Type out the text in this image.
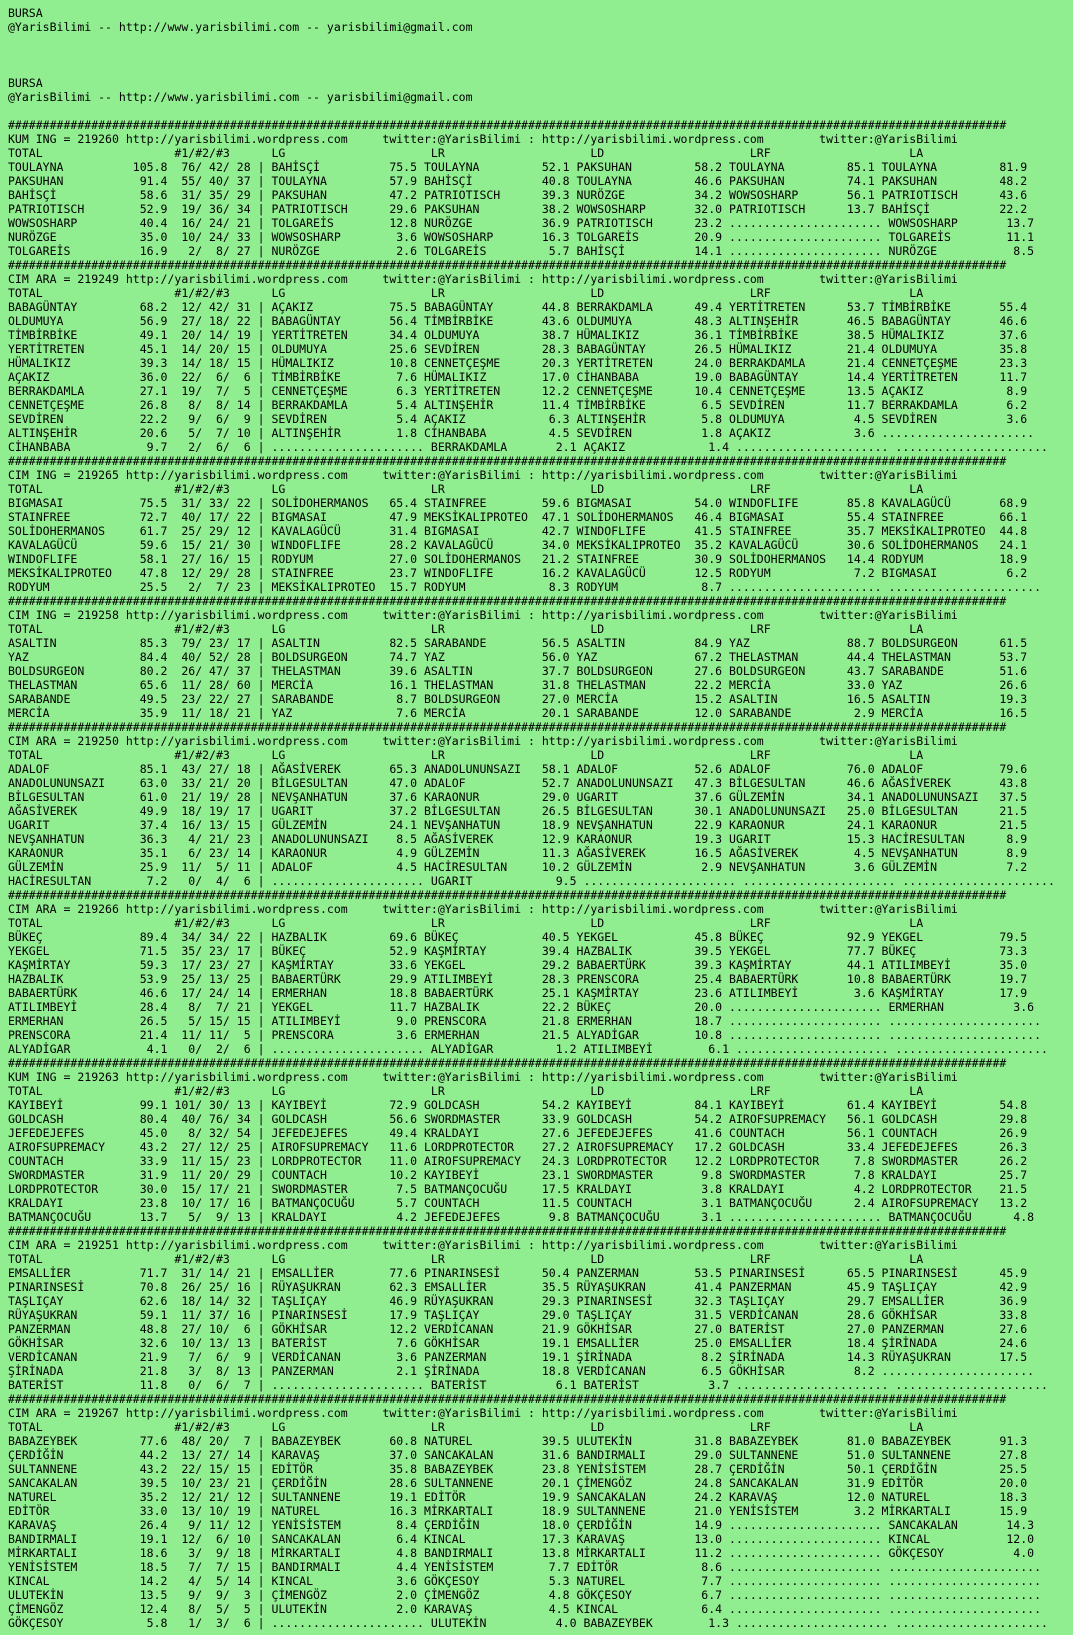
BURSA
@YarisBilimi -- http://www.yarisbilimi.com -- yarisbilimi@gmail.com
BURSA
@YarisBilimi -- http://www.yarisbilimi.com -- yarisbilimi@gmail.com
################################################################################################################################################
KUM ING = 219260 http://yarisbilimi.wordpress.com     twitter:@YarisBilimi : http://yarisbilimi.wordpress.com        twitter:@YarisBilimi
TOTAL                   #1/#2/#3      LG                     LR                     LD                     LRF                    LA
TOULAYNA          105.8  76/ 42/ 28 | BAHİSÇİ          75.5 TOULAYNA         52.1 PAKSUHAN         58.2 TOULAYNA         85.1 TOULAYNA         81.9
PAKSUHAN           91.4  55/ 40/ 37 | TOULAYNA         57.9 BAHİSÇİ          40.8 TOULAYNA         46.6 PAKSUHAN         74.1 PAKSUHAN         48.2
BAHİSÇİ            58.6  31/ 35/ 29 | PAKSUHAN         47.2 PATRIOTISCH      39.3 NURÖZGE          34.2 WOWSOSHARP       56.1 PATRIOTISCH      43.6
PATRIOTISCH        52.9  19/ 36/ 34 | PATRIOTISCH      29.6 PAKSUHAN         38.2 WOWSOSHARP       32.0 PATRIOTISCH      13.7 BAHİSÇİ          22.2
WOWSOSHARP         40.4  16/ 24/ 21 | TOLGAREİS        12.8 NURÖZGE          36.9 PATRIOTISCH      23.2 ...................... WOWSOSHARP       13.7
NURÖZGE            35.0  10/ 24/ 33 | WOWSOSHARP        3.6 WOWSOSHARP       16.3 TOLGAREİS        20.9 ...................... TOLGAREİS        11.1
TOLGAREİS          16.9   2/  8/ 27 | NURÖZGE           2.6 TOLGAREİS         5.7 BAHİSÇİ          14.1 ...................... NURÖZGE           8.5
################################################################################################################################################
CIM ARA = 219249 http://yarisbilimi.wordpress.com     twitter:@YarisBilimi : http://yarisbilimi.wordpress.com        twitter:@YarisBilimi
TOTAL                   #1/#2/#3      LG                     LR                     LD                     LRF                    LA
BABAGÜNTAY         68.2  12/ 42/ 31 | AÇAKIZ           75.5 BABAGÜNTAY       44.8 BERRAKDAMLA      49.4 YERTİTRETEN      53.7 TİMBİRBİKE       55.4
OLDUMUYA           56.9  27/ 18/ 22 | BABAGÜNTAY       56.4 TİMBİRBİKE       43.6 OLDUMUYA         48.3 ALTINŞEHİR       46.5 BABAGÜNTAY       46.6
TİMBİRBİKE         49.1  20/ 14/ 19 | YERTİTRETEN      34.4 OLDUMUYA         38.7 HÜMALIKIZ        36.1 TİMBİRBİKE       38.5 HÜMALIKIZ        37.6
YERTİTRETEN        45.1  14/ 20/ 15 | OLDUMUYA         25.6 SEVDİREN         28.3 BABAGÜNTAY       26.5 HÜMALIKIZ        21.4 OLDUMUYA         35.8
HÜMALIKIZ          39.3  14/ 18/ 15 | HÜMALIKIZ        10.8 CENNETÇEŞME      20.3 YERTİTRETEN      24.0 BERRAKDAMLA      21.4 CENNETÇEŞME      23.3
AÇAKIZ             36.0  22/  6/  6 | TİMBİRBİKE        7.6 HÜMALIKIZ        17.0 CİHANBABA        19.0 BABAGÜNTAY       14.4 YERTİTRETEN      11.7
BERRAKDAMLA        27.1  19/  7/  5 | CENNETÇEŞME       6.3 YERTİTRETEN      12.2 CENNETÇEŞME      10.4 CENNETÇEŞME      13.5 AÇAKIZ            8.9
CENNETÇEŞME        26.8   8/  8/ 14 | BERRAKDAMLA       5.4 ALTINŞEHİR       11.4 TİMBİRBİKE        6.5 SEVDİREN         11.7 BERRAKDAMLA       6.2
SEVDİREN           22.2   9/  6/  9 | SEVDİREN          5.4 AÇAKIZ            6.3 ALTINŞEHİR        5.8 OLDUMUYA          4.5 SEVDİREN          3.6
ALTINŞEHİR         20.6   5/  7/ 10 | ALTINŞEHİR        1.8 CİHANBABA         4.5 SEVDİREN          1.8 AÇAKIZ            3.6 ......................
CİHANBABA           9.7   2/  6/  6 | ...................... BERRAKDAMLA       2.1 AÇAKIZ            1.4 ...................... ......................
################################################################################################################################################
CIM ING = 219265 http://yarisbilimi.wordpress.com     twitter:@YarisBilimi : http://yarisbilimi.wordpress.com        twitter:@YarisBilimi
TOTAL                   #1/#2/#3      LG                     LR                     LD                     LRF                    LA
BIGMASAI           75.5  31/ 33/ 22 | SOLİDOHERMANOS   65.4 STAINFREE        59.6 BIGMASAI         54.0 WINDOFLIFE       85.8 KAVALAGÜCÜ       68.9
STAINFREE          72.7  40/ 17/ 22 | BIGMASAI         47.9 MEKSİKALIPROTEO  47.1 SOLİDOHERMANOS   46.4 BIGMASAI         55.4 STAINFREE        66.1
SOLİDOHERMANOS     61.7  25/ 29/ 12 | KAVALAGÜCÜ       31.4 BIGMASAI         42.7 WINDOFLIFE       41.5 STAINFREE        35.7 MEKSİKALIPROTEO  44.8
KAVALAGÜCÜ         59.6  15/ 21/ 30 | WINDOFLIFE       28.2 KAVALAGÜCÜ       34.0 MEKSİKALIPROTEO  35.2 KAVALAGÜCÜ       30.6 SOLİDOHERMANOS   24.1
WINDOFLIFE         58.1  27/ 16/ 15 | RODYUM           27.0 SOLİDOHERMANOS   21.2 STAINFREE        30.9 SOLİDOHERMANOS   14.4 RODYUM           18.9
MEKSİKALIPROTEO    47.8  12/ 29/ 28 | STAINFREE        23.7 WINDOFLIFE       16.2 KAVALAGÜCÜ       12.5 RODYUM            7.2 BIGMASAI          6.2
RODYUM             25.5   2/  7/ 23 | MEKSİKALIPROTEO  15.7 RODYUM            8.3 RODYUM            8.7 ...................... ......................
################################################################################################################################################
CIM ING = 219258 http://yarisbilimi.wordpress.com     twitter:@YarisBilimi : http://yarisbilimi.wordpress.com        twitter:@YarisBilimi
TOTAL                   #1/#2/#3      LG                     LR                     LD                     LRF                    LA
ASALTIN            85.3  79/ 23/ 17 | ASALTIN          82.5 SARABANDE        56.5 ASALTIN          84.9 YAZ              88.7 BOLDSURGEON      61.5
YAZ                84.4  40/ 52/ 28 | BOLDSURGEON      74.7 YAZ              56.0 YAZ              67.2 THELASTMAN       44.4 THELASTMAN       53.7
BOLDSURGEON        80.2  26/ 47/ 37 | THELASTMAN       39.6 ASALTIN          37.7 BOLDSURGEON      27.6 BOLDSURGEON      43.7 SARABANDE        51.6
THELASTMAN         65.6  11/ 28/ 60 | MERCİA           16.1 THELASTMAN       31.8 THELASTMAN       22.2 MERCİA           33.0 YAZ              26.6
SARABANDE          49.5  23/ 22/ 27 | SARABANDE         8.7 BOLDSURGEON      27.0 MERCİA           15.2 ASALTIN          16.5 ASALTIN          19.3
MERCİA             35.9  11/ 18/ 21 | YAZ               7.6 MERCİA           20.1 SARABANDE        12.0 SARABANDE         2.9 MERCİA           16.5
################################################################################################################################################
CIM ARA = 219250 http://yarisbilimi.wordpress.com     twitter:@YarisBilimi : http://yarisbilimi.wordpress.com        twitter:@YarisBilimi
TOTAL                   #1/#2/#3      LG                     LR                     LD                     LRF                    LA
ADALOF             85.1  43/ 27/ 18 | AĞASİVEREK       65.3 ANADOLUNUNSAZI   58.1 ADALOF           52.6 ADALOF           76.0 ADALOF           79.6
ANADOLUNUNSAZI     63.0  33/ 21/ 20 | BİLGESULTAN      47.0 ADALOF           52.7 ANADOLUNUNSAZI   47.3 BİLGESULTAN      46.6 AĞASİVEREK       43.8
BİLGESULTAN        61.0  21/ 19/ 28 | NEVŞANHATUN      37.6 KARAONUR         29.0 UGARIT           37.6 GÜLZEMİN         34.1 ANADOLUNUNSAZI   37.5
AĞASİVEREK         49.9  18/ 19/ 17 | UGARIT           37.2 BİLGESULTAN      26.5 BİLGESULTAN      30.1 ANADOLUNUNSAZI   25.0 BİLGESULTAN      21.5
UGARIT             37.4  16/ 13/ 15 | GÜLZEMİN         24.1 NEVŞANHATUN      18.9 NEVŞANHATUN      22.9 KARAONUR         24.1 KARAONUR         21.5
NEVŞANHATUN        36.3   4/ 21/ 23 | ANADOLUNUNSAZI    8.5 AĞASİVEREK       12.9 KARAONUR         19.3 UGARIT           15.3 HACİRESULTAN      8.9
KARAONUR           35.1   6/ 23/ 14 | KARAONUR          4.9 GÜLZEMİN         11.3 AĞASİVEREK       16.5 AĞASİVEREK        4.5 NEVŞANHATUN       8.9
GÜLZEMİN           25.9  11/  5/ 11 | ADALOF            4.5 HACİRESULTAN     10.2 GÜLZEMİN          2.9 NEVŞANHATUN       3.6 GÜLZEMİN          7.2
HACİRESULTAN        7.2   0/  4/  6 | ...................... UGARIT            9.5 ...................... ...................... ......................
################################################################################################################################################
CIM ARA = 219266 http://yarisbilimi.wordpress.com     twitter:@YarisBilimi : http://yarisbilimi.wordpress.com        twitter:@YarisBilimi
TOTAL                   #1/#2/#3      LG                     LR                     LD                     LRF                    LA
BÜKEÇ              89.4  34/ 34/ 22 | HAZBALIK         69.6 BÜKEÇ            40.5 YEKGEL           45.8 BÜKEÇ            92.9 YEKGEL           79.5
YEKGEL             71.5  35/ 23/ 17 | BÜKEÇ            52.9 KAŞMİRTAY        39.4 HAZBALIK         39.5 YEKGEL           77.7 BÜKEÇ            73.3
KAŞMİRTAY          59.3  17/ 23/ 27 | KAŞMİRTAY        33.6 YEKGEL           29.2 BABAERTÜRK       39.3 KAŞMİRTAY        44.1 ATILIMBEYİ       35.0
HAZBALIK           53.9  25/ 13/ 25 | BABAERTÜRK       29.9 ATILIMBEYİ       28.3 PRENSCORA        25.4 BABAERTÜRK       10.8 BABAERTÜRK       19.7
BABAERTÜRK         46.6  17/ 24/ 14 | ERMERHAN         18.8 BABAERTÜRK       25.1 KAŞMİRTAY        23.6 ATILIMBEYİ        3.6 KAŞMİRTAY        17.9
ATILIMBEYİ         28.4   8/  7/ 21 | YEKGEL           11.7 HAZBALIK         22.2 BÜKEÇ            20.0 ...................... ERMERHAN          3.6
ERMERHAN           26.5   5/ 15/ 15 | ATILIMBEYİ        9.0 PRENSCORA        21.8 ERMERHAN         18.7 ...................... ......................
PRENSCORA          21.4  11/ 11/  5 | PRENSCORA         3.6 ERMERHAN         21.5 ALYADİGAR        10.8 ...................... ......................
ALYADİGAR           4.1   0/  2/  6 | ...................... ALYADİGAR         1.2 ATILIMBEYİ        6.1 ...................... ......................
################################################################################################################################################
KUM ING = 219263 http://yarisbilimi.wordpress.com     twitter:@YarisBilimi : http://yarisbilimi.wordpress.com        twitter:@YarisBilimi
TOTAL                   #1/#2/#3      LG                     LR                     LD                     LRF                    LA
KAYIBEYİ           99.1 101/ 30/ 13 | KAYIBEYİ         72.9 GOLDCASH         54.2 KAYIBEYİ         84.1 KAYIBEYİ         61.4 KAYIBEYİ         54.8
GOLDCASH           80.4  40/ 76/ 34 | GOLDCASH         56.6 SWORDMASTER      33.9 GOLDCASH         54.2 AIROFSUPREMACY   56.1 GOLDCASH         29.8
JEFEDEJEFES        45.0   8/ 32/ 54 | JEFEDEJEFES      49.4 KRALDAYI         27.6 JEFEDEJEFES      41.6 COUNTACH         56.1 COUNTACH         26.9
AIROFSUPREMACY     43.2  27/ 12/ 25 | AIROFSUPREMACY   11.6 LORDPROTECTOR    27.2 AIROFSUPREMACY   17.2 GOLDCASH         33.4 JEFEDEJEFES      26.3
COUNTACH           33.9  11/ 15/ 23 | LORDPROTECTOR    11.0 AIROFSUPREMACY   24.3 LORDPROTECTOR    12.2 LORDPROTECTOR     7.8 SWORDMASTER      26.2
SWORDMASTER        31.9  11/ 20/ 29 | COUNTACH         10.2 KAYIBEYİ         23.1 SWORDMASTER       9.8 SWORDMASTER       7.8 KRALDAYI         25.7
LORDPROTECTOR      30.0  15/ 17/ 21 | SWORDMASTER       7.5 BATMANÇOCUĞU     17.5 KRALDAYI          3.8 KRALDAYI          4.2 LORDPROTECTOR    21.5
KRALDAYI           23.8  10/ 17/ 16 | BATMANÇOCUĞU      5.7 COUNTACH         11.5 COUNTACH          3.1 BATMANÇOCUĞU      2.4 AIROFSUPREMACY   13.2
BATMANÇOCUĞU       13.7   5/  9/ 13 | KRALDAYI          4.2 JEFEDEJEFES       9.8 BATMANÇOCUĞU      3.1 ...................... BATMANÇOCUĞU      4.8
################################################################################################################################################
CIM ARA = 219251 http://yarisbilimi.wordpress.com     twitter:@YarisBilimi : http://yarisbilimi.wordpress.com        twitter:@YarisBilimi
TOTAL                   #1/#2/#3      LG                     LR                     LD                     LRF                    LA
EMSALLİER          71.7  31/ 14/ 21 | EMSALLİER        77.6 PINARINSESİ      50.4 PANZERMAN        53.5 PINARINSESİ      65.5 PINARINSESİ      45.9
PINARINSESİ        70.8  26/ 25/ 16 | RÜYAŞUKRAN       62.3 EMSALLİER        35.5 RÜYAŞUKRAN       41.4 PANZERMAN        45.9 TAŞLIÇAY         42.9
TAŞLIÇAY           62.6  18/ 14/ 32 | TAŞLIÇAY         46.9 RÜYAŞUKRAN       29.3 PINARINSESİ      32.3 TAŞLIÇAY         29.7 EMSALLİER        36.9
RÜYAŞUKRAN         59.1  11/ 37/ 16 | PINARINSESİ      17.9 TAŞLIÇAY         29.0 TAŞLIÇAY         31.5 VERDİCANAN       28.6 GÖKHİSAR         33.8
PANZERMAN          48.8  27/ 10/  6 | GÖKHİSAR         12.2 VERDİCANAN       21.9 GÖKHİSAR         27.0 BATERİST         27.0 PANZERMAN        27.6
GÖKHİSAR           32.6  10/ 13/ 13 | BATERİST          7.6 GÖKHİSAR         19.1 EMSALLİER        25.0 EMSALLİER        18.4 ŞİRİNADA         24.6
VERDİCANAN         21.9   7/  6/  9 | VERDİCANAN        3.6 PANZERMAN        19.1 ŞİRİNADA          8.2 ŞİRİNADA         14.3 RÜYAŞUKRAN       17.5
ŞİRİNADA           21.8   3/  8/ 13 | PANZERMAN         2.1 ŞİRİNADA         18.8 VERDİCANAN        6.5 GÖKHİSAR          8.2 ......................
BATERİST           11.8   0/  6/  7 | ...................... BATERİST          6.1 BATERİST          3.7 ...................... ......................
################################################################################################################################################
CIM ARA = 219267 http://yarisbilimi.wordpress.com     twitter:@YarisBilimi : http://yarisbilimi.wordpress.com        twitter:@YarisBilimi
TOTAL                   #1/#2/#3      LG                     LR                     LD                     LRF                    LA
BABAZEYBEK         77.6  48/ 20/  7 | BABAZEYBEK       60.8 NATUREL          39.5 ULUTEKİN         31.8 BABAZEYBEK       81.0 BABAZEYBEK       91.3
ÇERDİĞİN           44.2  13/ 27/ 14 | KARAVAŞ          37.0 SANCAKALAN       31.6 BANDIRMALI       29.0 SULTANNENE       51.0 SULTANNENE       27.8
SULTANNENE         43.2  22/ 15/ 15 | EDİTÖR           35.8 BABAZEYBEK       23.8 YENİSİSTEM       28.7 ÇERDİĞİN         50.1 ÇERDİĞİN         25.5
SANCAKALAN         39.5  10/ 23/ 21 | ÇERDİĞİN         28.6 SULTANNENE       20.1 ÇİMENGÖZ         24.8 SANCAKALAN       31.9 EDİTÖR           20.0
NATUREL            35.2  12/ 21/ 12 | SULTANNENE       19.1 EDİTÖR           19.9 SANCAKALAN       24.2 KARAVAŞ          12.0 NATUREL          18.3
EDİTÖR             33.0  13/ 10/ 19 | NATUREL          16.3 MİRKARTALI       18.9 SULTANNENE       21.0 YENİSİSTEM        3.2 MİRKARTALI       15.9
KARAVAŞ            26.4   9/ 11/ 12 | YENİSİSTEM        8.4 ÇERDİĞİN         18.0 ÇERDİĞİN         14.9 ...................... SANCAKALAN       14.3
BANDIRMALI         19.1  12/  6/ 10 | SANCAKALAN        6.4 KINCAL           17.3 KARAVAŞ          13.0 ...................... KINCAL           12.0
MİRKARTALI         18.6   3/  9/ 18 | MİRKARTALI        4.8 BANDIRMALI       13.8 MİRKARTALI       11.2 ...................... GÖKÇESOY          4.0
YENİSİSTEM         18.5   7/  7/ 15 | BANDIRMALI        4.4 YENİSİSTEM        7.7 EDİTÖR            8.6 ...................... ......................
KINCAL             14.2   4/  5/ 14 | KINCAL            3.6 GÖKÇESOY          5.3 NATUREL           7.7 ...................... ......................
ULUTEKİN           13.5   9/  9/  3 | ÇİMENGÖZ          2.0 ÇİMENGÖZ          4.8 GÖKÇESOY          6.7 ...................... ......................
ÇİMENGÖZ           12.4   8/  5/  5 | ULUTEKİN          2.0 KARAVAŞ           4.5 KINCAL            6.4 ...................... ......................
GÖKÇESOY            5.8   1/  3/  6 | ...................... ULUTEKİN          4.0 BABAZEYBEK        1.3 ...................... ......................
